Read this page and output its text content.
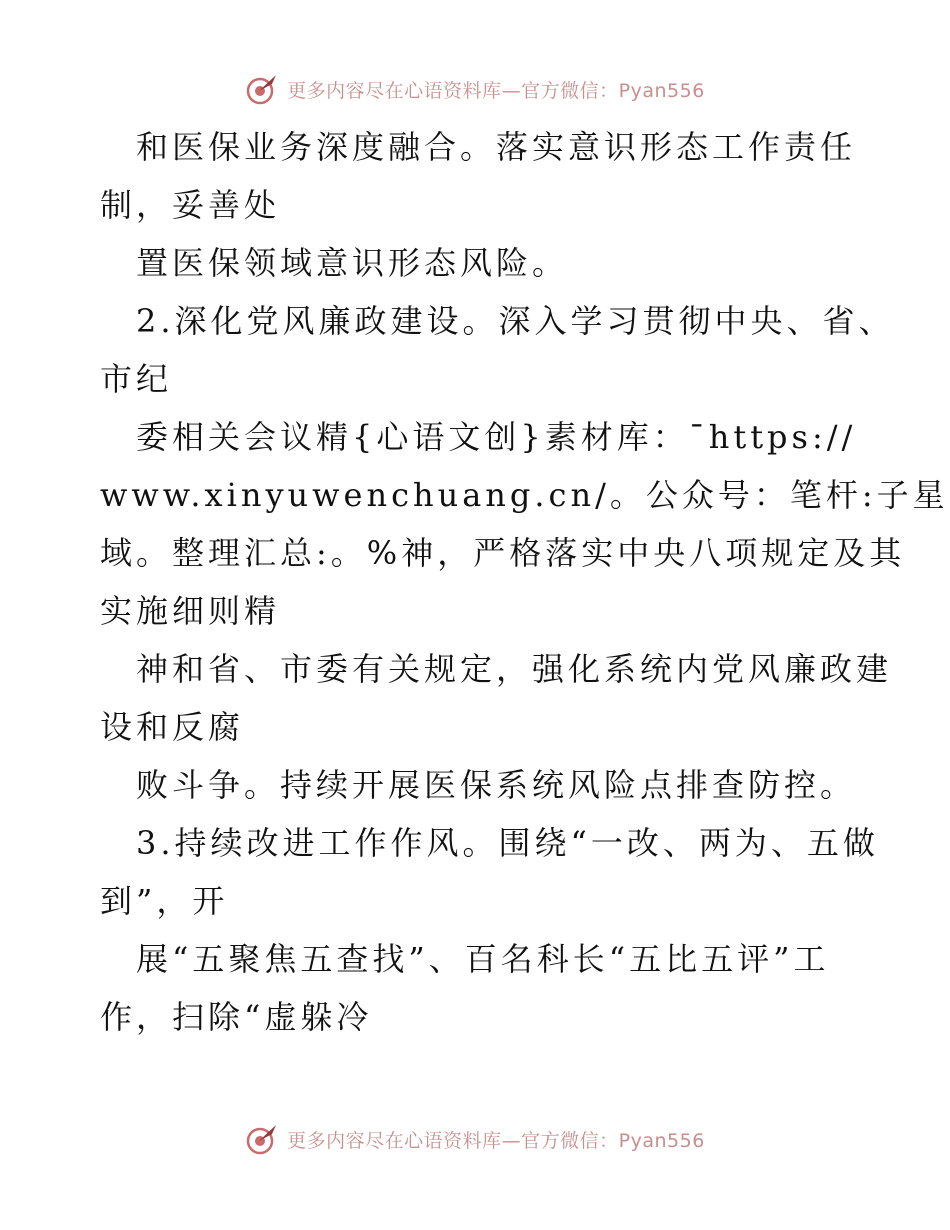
更多内容尽在心语资料库—官方微信：Pyan556
和医保业务深度融合。落实意识形态工作责任
制，妥善处
置医保领域意识形态风险。
2.深化党风廉政建设。深入学习贯彻中央、省、
市纪
委相关会议精{心语文创}素材库：¯https://
www.xinyuwenchuang.cn/。公众号：笔杆:子星
域。整理汇总:。%神，严格落实中央八项规定及其
实施细则精
神和省、市委有关规定，强化系统内党风廉政建
设和反腐
败斗争。持续开展医保系统风险点排查防控。
3.持续改进工作作风。围绕“一改、两为、五做
到”，开
展“五聚焦五查找”、百名科长“五比五评”工
作，扫除“虚躲冷
更多内容尽在心语资料库—官方微信：Pyan556
